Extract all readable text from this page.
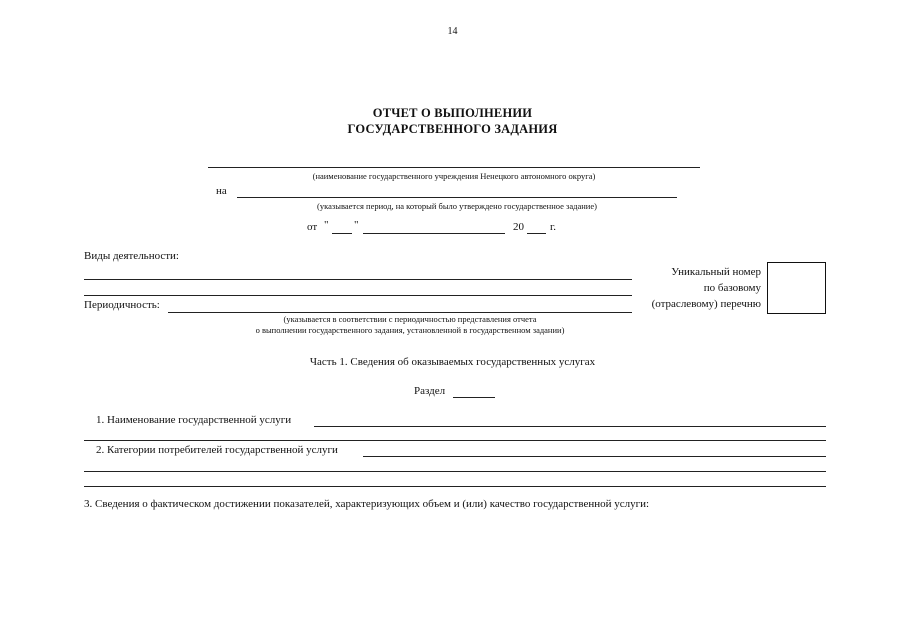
14
ОТЧЕТ О ВЫПОЛНЕНИИ
ГОСУДАРСТВЕННОГО ЗАДАНИЯ
(наименование государственного учреждения Ненецкого автономного округа)
на
(указывается период, на который было утверждено государственное задание)
от " "	20 г.
Виды деятельности:
Периодичность:
(указывается в соответствии с периодичностью представления отчета
о выполнении государственного задания, установленной в государственном задании)
Уникальный номер
по базовому
(отраслевому) перечню
Часть 1. Сведения об оказываемых государственных услугах
Раздел
1. Наименование государственной услуги
2. Категории потребителей государственной услуги
3. Сведения о фактическом достижении показателей, характеризующих объем и (или) качество государственной услуги:
